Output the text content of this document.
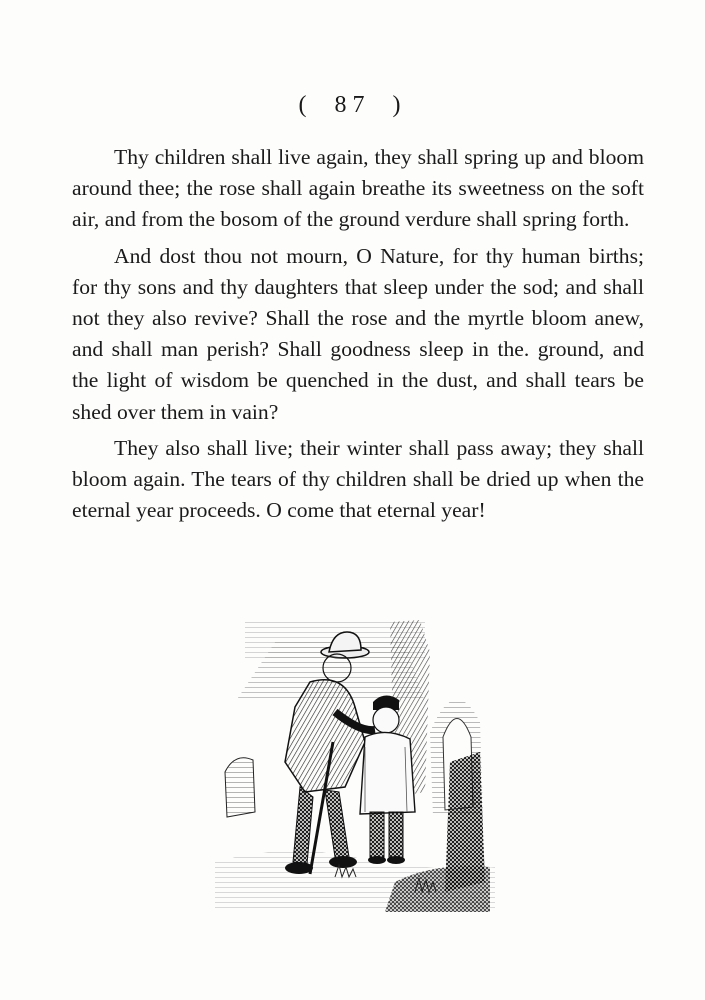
( 87 )

Thy children shall live again, they shall spring up and bloom around thee; the rose shall again breathe its sweetness on the soft air, and from the bosom of the ground verdure shall spring forth.

And dost thou not mourn, O Nature, for thy human births; for thy sons and thy daughters that sleep under the sod; and shall not they also revive? Shall the rose and the myrtle bloom anew, and shall man perish? Shall goodness sleep in the. ground, and the light of wisdom be quenched in the dust, and shall tears be shed over them in vain?

They also shall live; their winter shall pass away; they shall bloom again. The tears of thy children shall be dried up when the eternal year proceeds. O come that eternal year!
